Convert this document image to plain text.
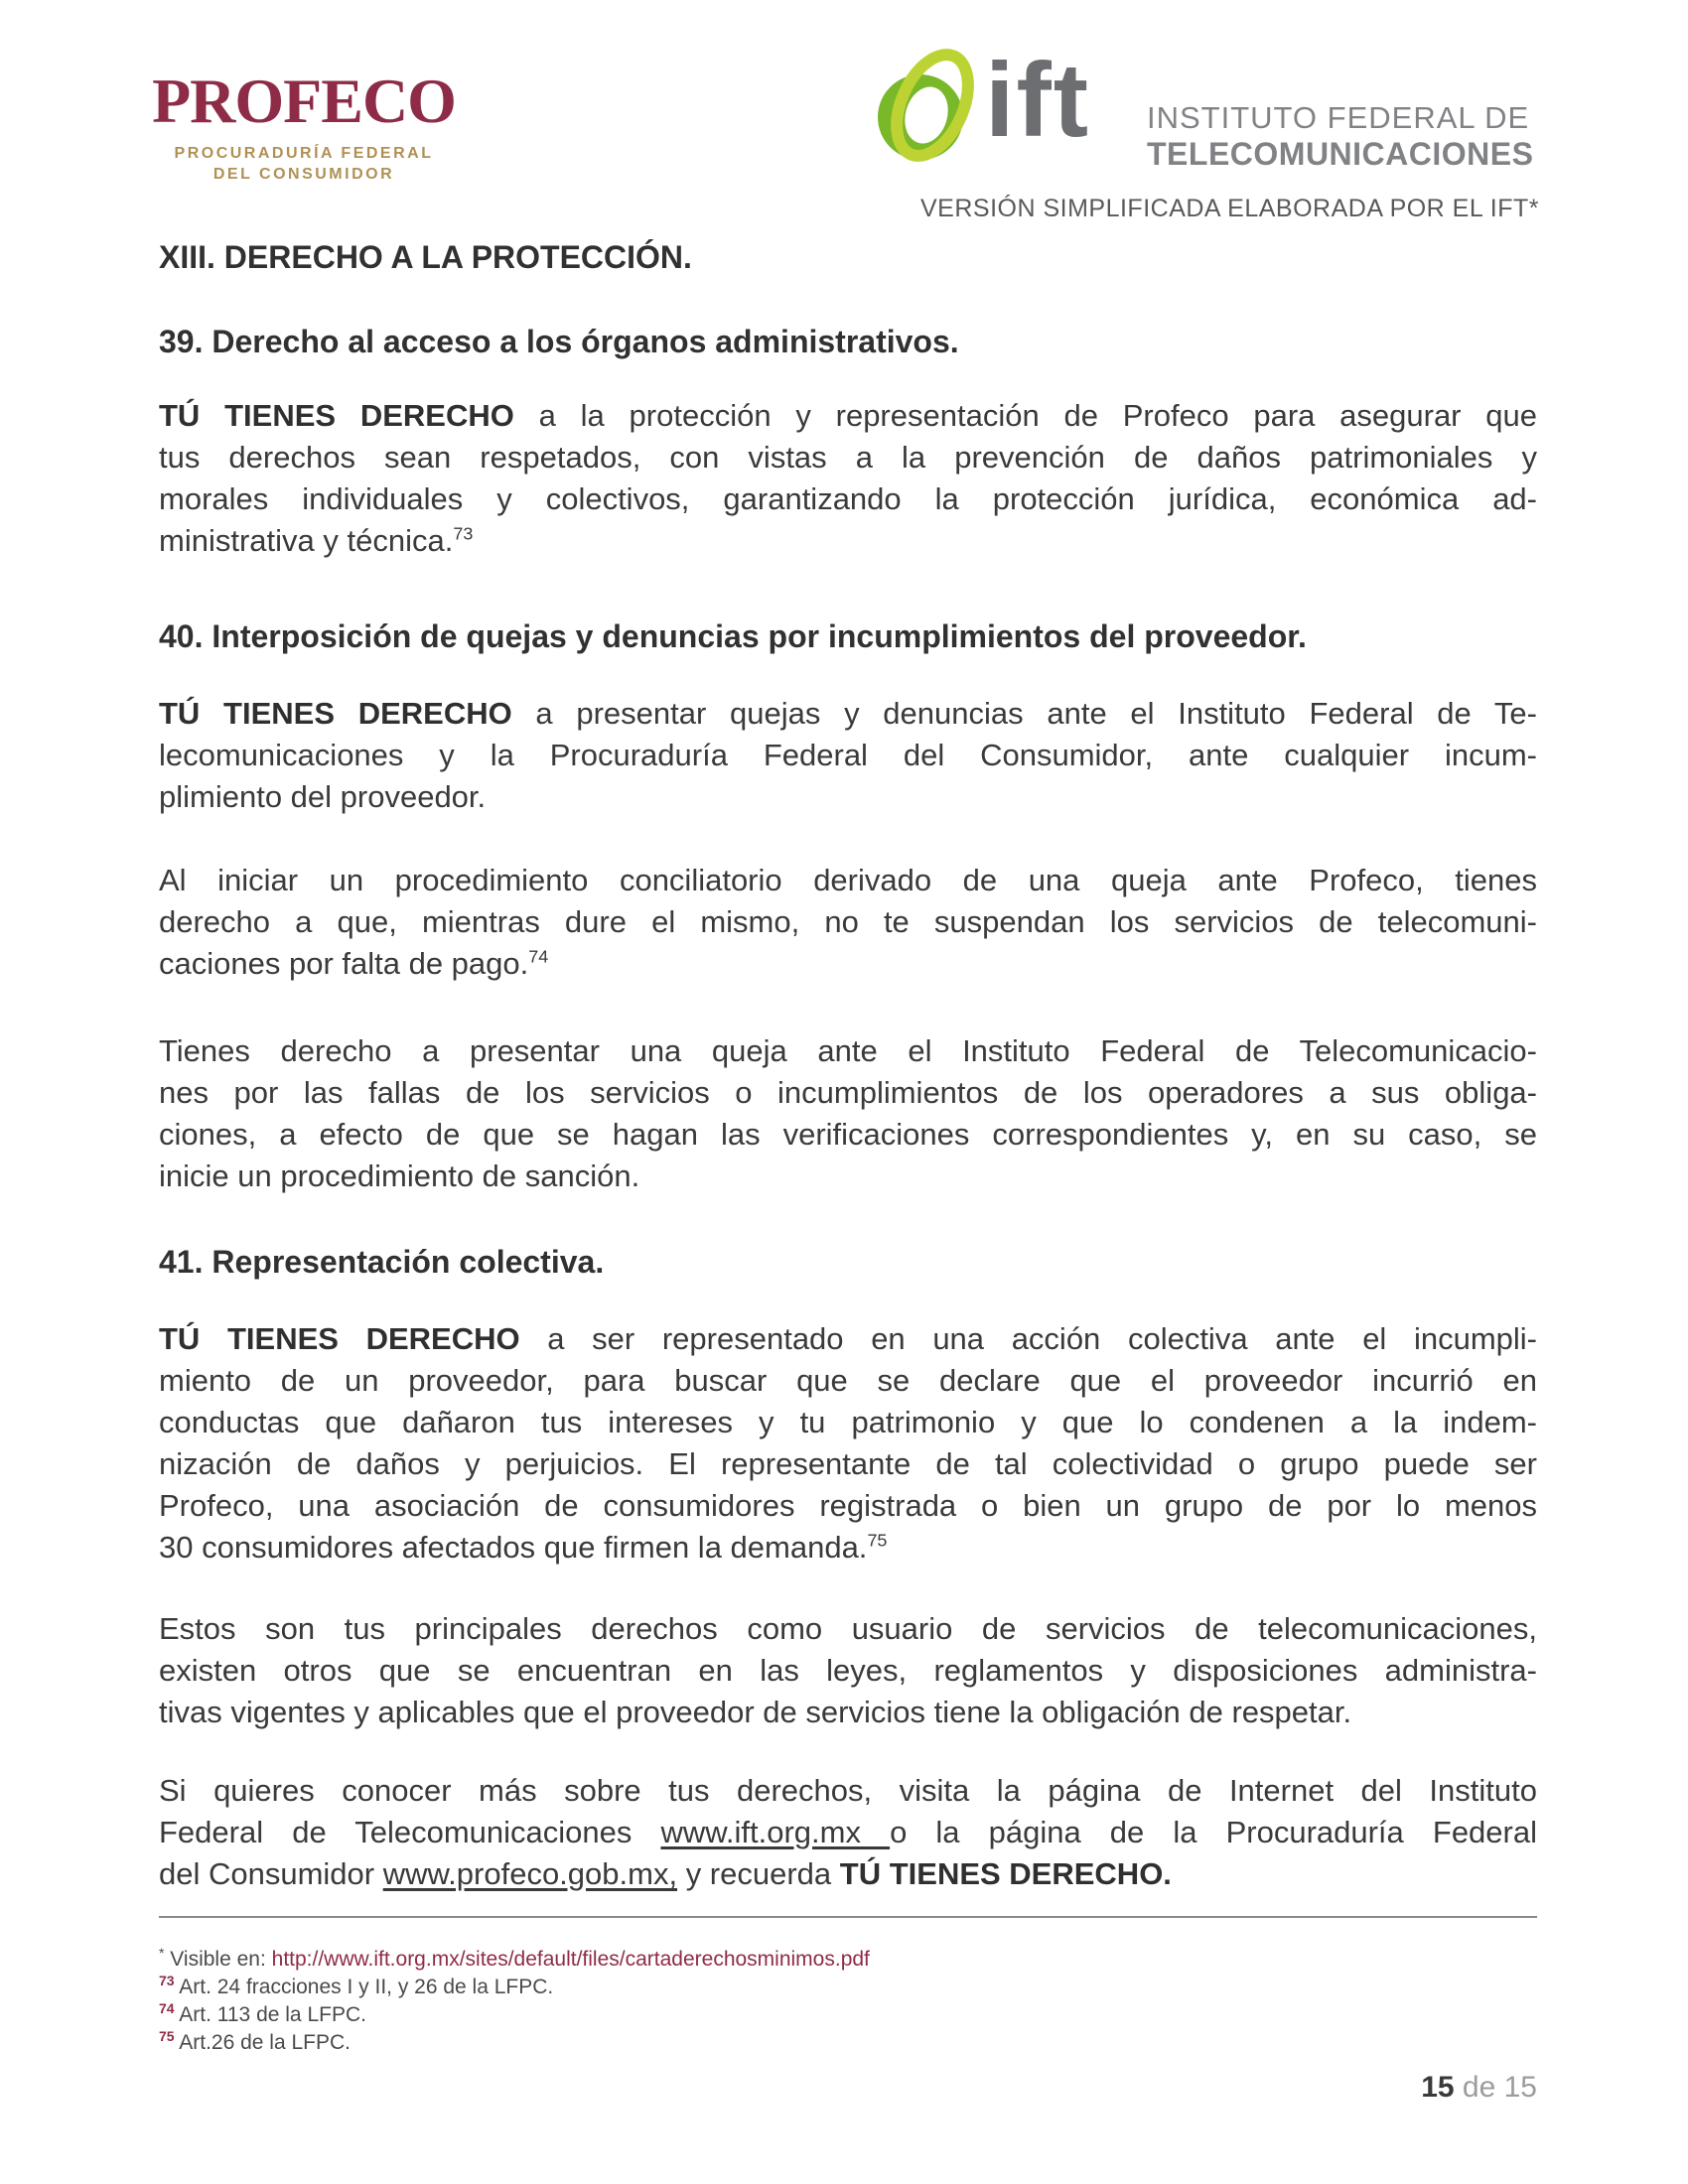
PROFECO
PROCURADURÍA FEDERAL
DEL CONSUMIDOR
ift INSTITUTO FEDERAL DE
TELECOMUNICACIONES
VERSIÓN SIMPLIFICADA ELABORADA POR EL IFT*
XIII. DERECHO A LA PROTECCIÓN.
39. Derecho al acceso a los órganos administrativos.
TÚ TIENES DERECHO a la protección y representación de Profeco para asegurar que
tus derechos sean respetados, con vistas a la prevención de daños patrimoniales y
morales individuales y colectivos, garantizando la protección jurídica, económica ad-
ministrativa y técnica.$^{73}$
40. Interposición de quejas y denuncias por incumplimientos del proveedor.
TÚ TIENES DERECHO a presentar quejas y denuncias ante el Instituto Federal de Te-
lecomunicaciones y la Procuraduría Federal del Consumidor, ante cualquier incum-
plimiento del proveedor.
Al iniciar un procedimiento conciliatorio derivado de una queja ante Profeco, tienes
derecho a que, mientras dure el mismo, no te suspendan los servicios de telecomuni-
caciones por falta de pago.$^{74}$
Tienes derecho a presentar una queja ante el Instituto Federal de Telecomunicacio-
nes por las fallas de los servicios o incumplimientos de los operadores a sus obliga-
ciones, a efecto de que se hagan las verificaciones correspondientes y, en su caso, se
inicie un procedimiento de sanción.
41. Representación colectiva.
TÚ TIENES DERECHO a ser representado en una acción colectiva ante el incumpli-
miento de un proveedor, para buscar que se declare que el proveedor incurrió en
conductas que dañaron tus intereses y tu patrimonio y que lo condenen a la indem-
nización de daños y perjuicios. El representante de tal colectividad o grupo puede ser
Profeco, una asociación de consumidores registrada o bien un grupo de por lo menos
30 consumidores afectados que firmen la demanda.$^{75}$
Estos son tus principales derechos como usuario de servicios de telecomunicaciones,
existen otros que se encuentran en las leyes, reglamentos y disposiciones administra-
tivas vigentes y aplicables que el proveedor de servicios tiene la obligación de respetar.
Si quieres conocer más sobre tus derechos, visita la página de Internet del Instituto
Federal de Telecomunicaciones www.ift.org.mx o la página de la Procuraduría Federal
del Consumidor www.profeco.gob.mx, y recuerda TÚ TIENES DERECHO.
* Visible en: http://www.ift.org.mx/sites/default/files/cartaderechosminimos.pdf
$^{73}$ Art. 24 fracciones I y II, y 26 de la LFPC.
$^{74}$ Art. 113 de la LFPC.
$^{75}$ Art.26 de la LFPC.
15 de 15
